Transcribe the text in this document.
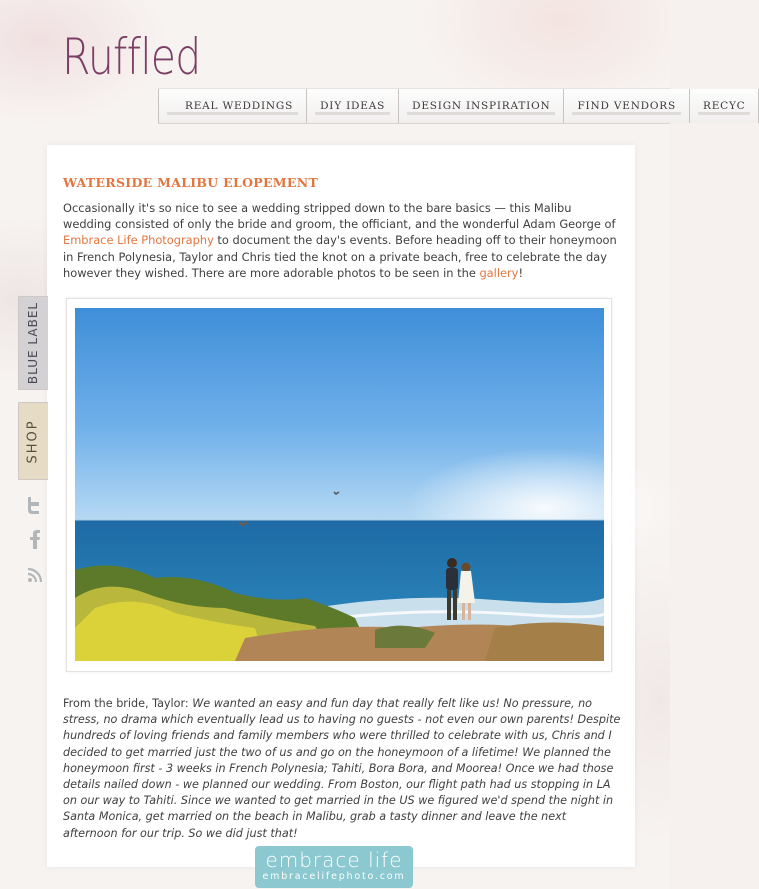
Ruffled
REAL WEDDINGS	DIY IDEAS	DESIGN INSPIRATION	FIND VENDORS	RECYC
BLUE LABEL
SHOP
WATERSIDE MALIBU ELOPEMENT

Occasionally it's so nice to see a wedding stripped down to the bare basics — this Malibu wedding consisted of only the bride and groom, the officiant, and the wonderful Adam George of Embrace Life Photography to document the day's events. Before heading off to their honeymoon in French Polynesia, Taylor and Chris tied the knot on a private beach, free to celebrate the day however they wished. There are more adorable photos to be seen in the gallery!

From the bride, Taylor: We wanted an easy and fun day that really felt like us! No pressure, no stress, no drama which eventually lead us to having no guests - not even our own parents! Despite hundreds of loving friends and family members who were thrilled to celebrate with us, Chris and I decided to get married just the two of us and go on the honeymoon of a lifetime! We planned the honeymoon first - 3 weeks in French Polynesia; Tahiti, Bora Bora, and Moorea! Once we had those details nailed down - we planned our wedding. From Boston, our flight path had us stopping in LA on our way to Tahiti. Since we wanted to get married in the US we figured we'd spend the night in Santa Monica, get married on the beach in Malibu, grab a tasty dinner and leave the next afternoon for our trip. So we did just that!

embrace life
embracelifephoto.com
